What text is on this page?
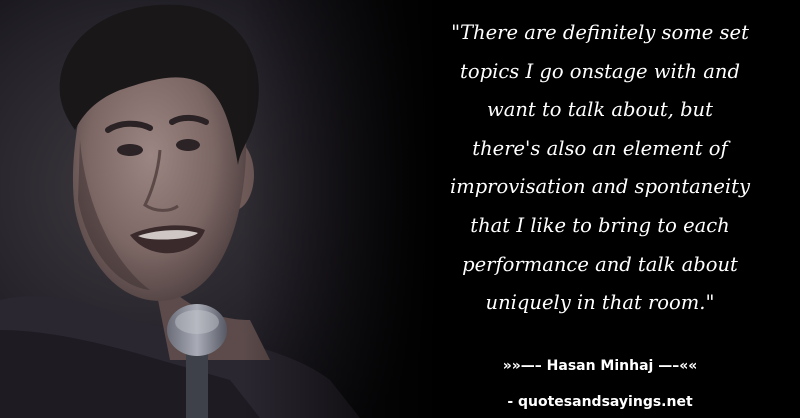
"There are definitely some set
topics I go onstage with and
want to talk about, but
there's also an element of
improvisation and spontaneity
that I like to bring to each
performance and talk about
uniquely in that room."

»»—– Hasan Minhaj —–««
- quotesandsayings.net
